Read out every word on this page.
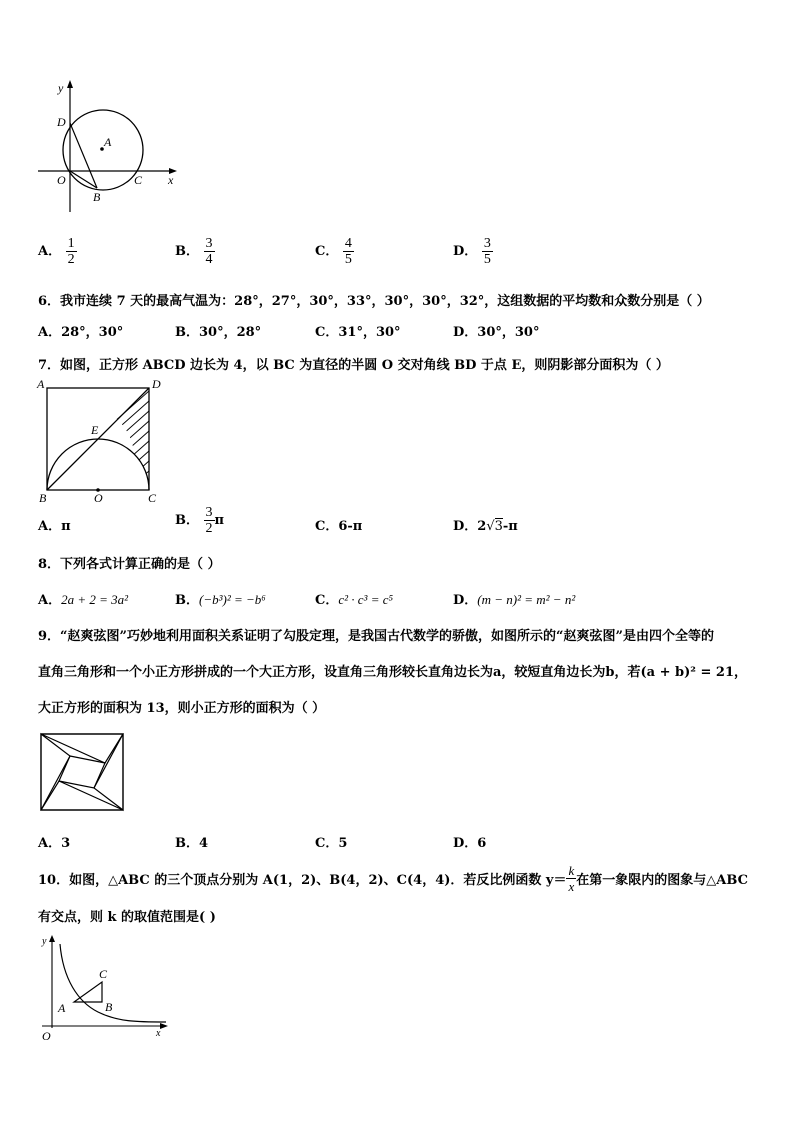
y
x
D
A
O	C
B
A． $\frac{1}{2}$	B． $\frac{3}{4}$	C． $\frac{4}{5}$	D． $\frac{3}{5}$
6．我市连续 7 天的最高气温为：28°，27°，30°，33°，30°，30°，32°，这组数据的平均数和众数分别是（ ）
A．28°，30°	B．30°，28°	C．31°，30°	D．30°，30°
7．如图，正方形 ABCD 边长为 4，以 BC 为直径的半圆 O 交对角线 BD 于点 E，则阴影部分面积为（ ）
A	D
E
B	O	C
A．π	B． $\frac{3}{2}$ π	C．6-π	D．2√3-π
8．下列各式计算正确的是（ ）
A．2a + 2 = 3a²	B．(−b³)² = −b⁶	C．c² · c³ = c⁵	D．(m − n)² = m² − n²
9．“赵爽弦图”巧妙地利用面积关系证明了勾股定理，是我国古代数学的骄傲，如图所示的“赵爽弦图”是由四个全等的
直角三角形和一个小正方形拼成的一个大正方形，设直角三角形较长直角边长为a，较短直角边长为b，若(a + b)² = 21，
大正方形的面积为 13，则小正方形的面积为（ ）
A．3	B．4	C．5	D．6
10．如图，△ABC 的三个顶点分别为 A(1，2)、B(4，2)、C(4，4)．若反比例函数 $y= \frac{k}{x}$ 在第一象限内的图象与△ABC
有交点，则 k 的取值范围是( )
y
C
A	B
O	x
